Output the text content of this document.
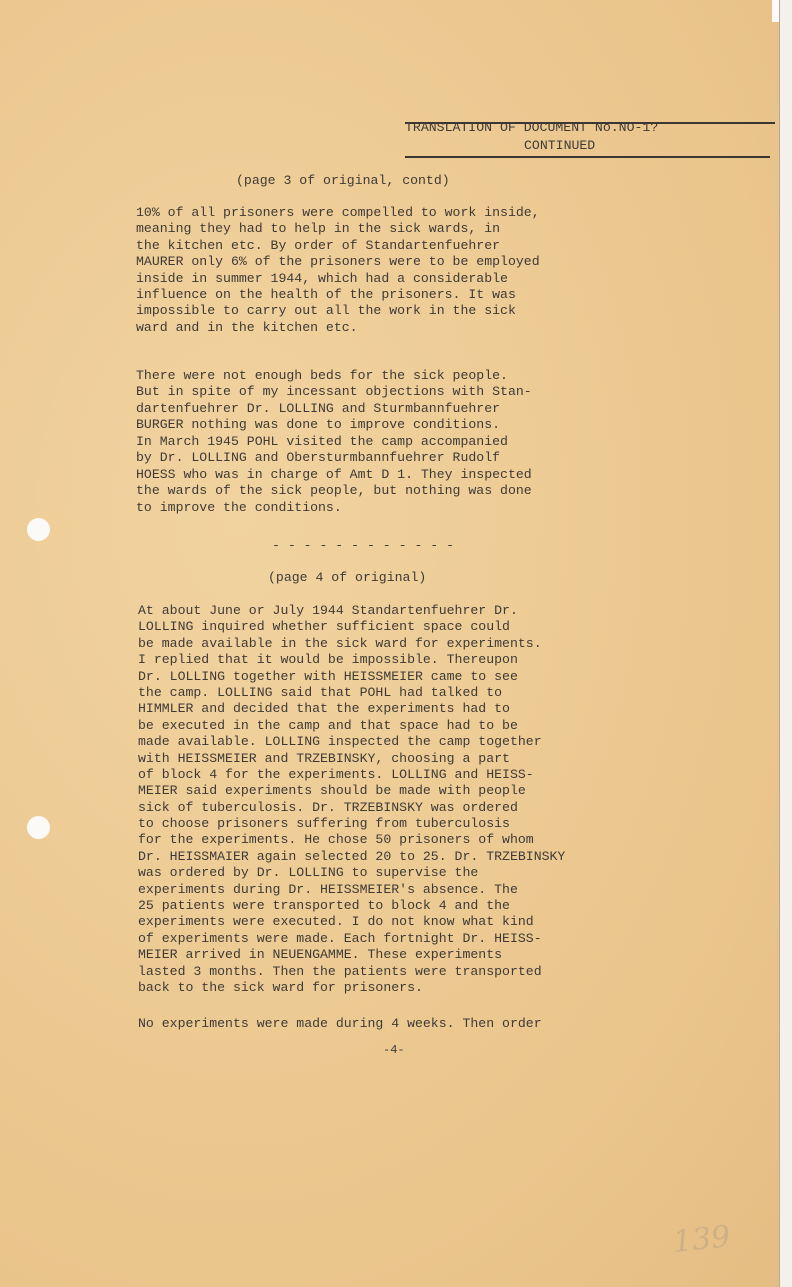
TRANSLATION OF DOCUMENT No.NO-1?
CONTINUED
(page 3 of original, contd)
10% of all prisoners were compelled to work inside,
meaning they had to help in the sick wards, in
the kitchen etc. By order of Standartenfuehrer
MAURER only 6% of the prisoners were to be employed
inside in summer 1944, which had a considerable
influence on the health of the prisoners. It was
impossible to carry out all the work in the sick
ward and in the kitchen etc.
There were not enough beds for the sick people.
But in spite of my incessant objections with Stan-
dartenfuehrer Dr. LOLLING and Sturmbannfuehrer
BURGER nothing was done to improve conditions.
In March 1945 POHL visited the camp accompanied
by Dr. LOLLING and Obersturmbannfuehrer Rudolf
HOESS who was in charge of Amt D 1. They inspected
the wards of the sick people, but nothing was done
to improve the conditions.
- - - - - - - - - - - -
(page 4 of original)
At about June or July 1944 Standartenfuehrer Dr.
LOLLING inquired whether sufficient space could
be made available in the sick ward for experiments.
I replied that it would be impossible. Thereupon
Dr. LOLLING together with HEISSMEIER came to see
the camp. LOLLING said that POHL had talked to
HIMMLER and decided that the experiments had to
be executed in the camp and that space had to be
made available. LOLLING inspected the camp together
with HEISSMEIER and TRZEBINSKY, choosing a part
of block 4 for the experiments. LOLLING and HEISS-
MEIER said experiments should be made with people
sick of tuberculosis. Dr. TRZEBINSKY was ordered
to choose prisoners suffering from tuberculosis
for the experiments. He chose 50 prisoners of whom
Dr. HEISSMAIER again selected 20 to 25. Dr. TRZEBINSKY
was ordered by Dr. LOLLING to supervise the
experiments during Dr. HEISSMEIER's absence. The
25 patients were transported to block 4 and the
experiments were executed. I do not know what kind
of experiments were made. Each fortnight Dr. HEISS-
MEIER arrived in NEUENGAMME. These experiments
lasted 3 months. Then the patients were transported
back to the sick ward for prisoners.
No experiments were made during 4 weeks. Then order
-4-
139
